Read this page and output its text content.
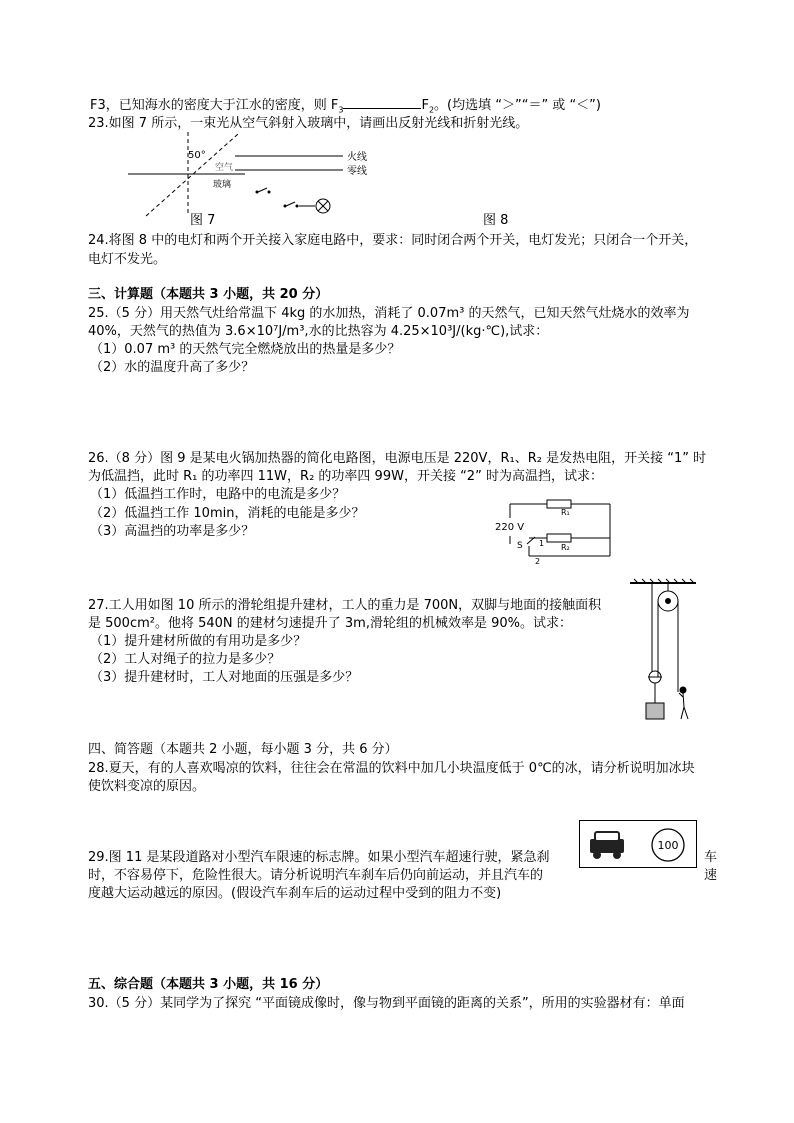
F3，已知海水的密度大于江水的密度，则 $F_3$	$F_2$。(均选填 “＞”“＝” 或 “＜”)
23.如图 7 所示，一束光从空气斜射入玻璃中，请画出反射光线和折射光线。
50°
空气
玻璃
图 7
火线
零线
图 8
24.将图 8 中的电灯和两个开关接入家庭电路中，要求：同时闭合两个开关，电灯发光；只闭合一个开关，
电灯不发光。
三、计算题（本题共 3 小题，共 20 分）
25.（5 分）用天然气灶给常温下 4kg 的水加热，消耗了 0.07m³ 的天然气，已知天然气灶烧水的效率为
40%，天然气的热值为 3.6×10⁷J/m³,水的比热容为 4.25×10³J/(kg·℃),试求：
（1）0.07 m³ 的天然气完全燃烧放出的热量是多少？
（2）水的温度升高了多少？
26.（8 分）图 9 是某电火锅加热器的简化电路图，电源电压是 220V，R₁、R₂ 是发热电阻，开关接 “1” 时
为低温挡，此时 R₁ 的功率四 11W，R₂ 的功率四 99W，开关接 “2” 时为高温挡，试求：
（1）低温挡工作时，电路中的电流是多少？
（2）低温挡工作 10min，消耗的电能是多少？
（3）高温挡的功率是多少？
R₁
220 V
S 1 R₂
2
27.工人用如图 10 所示的滑轮组提升建材，工人的重力是 700N，双脚与地面的接触面积
是 500cm²。他将 540N 的建材匀速提升了 3m,滑轮组的机械效率是 90%。试求：
（1）提升建材所做的有用功是多少？
（2）工人对绳子的拉力是多少？
（3）提升建材时，工人对地面的压强是多少？
四、简答题（本题共 2 小题，每小题 3 分，共 6 分）
28.夏天，有的人喜欢喝凉的饮料，往往会在常温的饮料中加几小块温度低于 0℃的冰，请分析说明加冰块
使饮料变凉的原因。
100
29.图 11 是某段道路对小型汽车限速的标志牌。如果小型汽车超速行驶，紧急刹
时，不容易停下，危险性很大。请分析说明汽车刹车后仍向前运动，并且汽车的
度越大运动越远的原因。(假设汽车刹车后的运动过程中受到的阻力不变)
车
速
五、综合题（本题共 3 小题，共 16 分）
30.（5 分）某同学为了探究 “平面镜成像时，像与物到平面镜的距离的关系”，所用的实验器材有：单面
